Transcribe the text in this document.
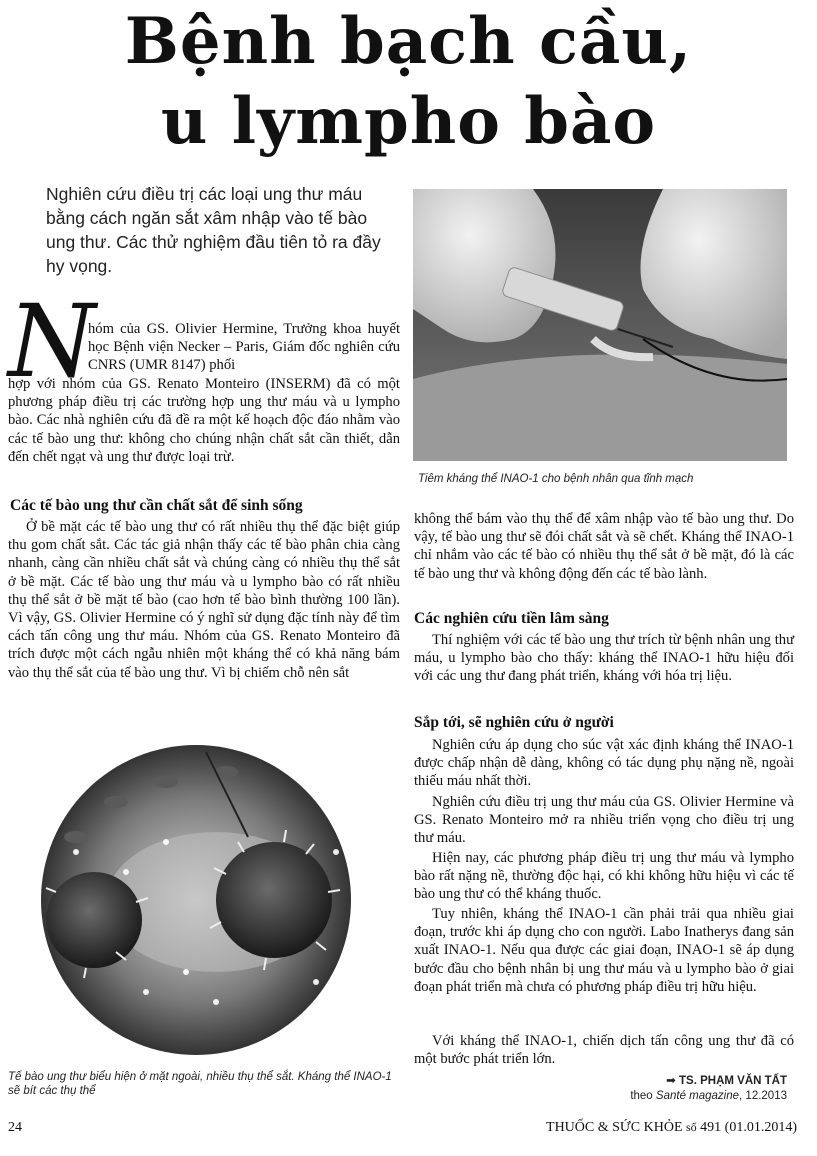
Bệnh bạch cầu,
u lympho bào

Nghiên cứu điều trị các loại ung thư máu bằng cách ngăn sắt xâm nhập vào tế bào ung thư. Các thử nghiệm đầu tiên tỏ ra đầy hy vọng.

Tiêm kháng thể INAO-1 cho bệnh nhân qua tĩnh mạch

N

hóm của GS. Olivier Hermine, Trưởng khoa huyết học Bệnh viện Necker – Paris, Giám đốc nghiên cứu CNRS (UMR 8147) phối

hợp với nhóm của GS. Renato Monteiro (INSERM) đã có một phương pháp điều trị các trường hợp ung thư máu và u lympho bào. Các nhà nghiên cứu đã đề ra một kế hoạch độc đáo nhằm vào các tế bào ung thư: không cho chúng nhận chất sắt cần thiết, dẫn đến chết ngạt và ung thư được loại trừ.

Các tế bào ung thư cần chất sắt để sinh sống

Ở bề mặt các tế bào ung thư có rất nhiều thụ thể đặc biệt giúp thu gom chất sắt. Các tác giả nhận thấy các tế bào phân chia càng nhanh, càng cần nhiều chất sắt và chúng càng có nhiều thụ thể sắt ở bề mặt. Các tế bào ung thư máu và u lympho bào có rất nhiều thụ thể sắt ở bề mặt tế bào (cao hơn tế bào bình thường 100 lần). Vì vậy, GS. Olivier Hermine có ý nghĩ sử dụng đặc tính này để tìm cách tấn công ung thư máu. Nhóm của GS. Renato Monteiro đã trích được một cách ngẫu nhiên một kháng thể có khả năng bám vào thụ thể sắt của tế bào ung thư. Vì bị chiếm chỗ nên sắt

Tế bào ung thư biểu hiện ở mặt ngoài, nhiều thụ thể sắt. Kháng thể INAO-1 sẽ bít các thụ thể

không thể bám vào thụ thể để xâm nhập vào tế bào ung thư. Do vậy, tế bào ung thư sẽ đói chất sắt và sẽ chết. Kháng thể INAO-1 chỉ nhắm vào các tế bào có nhiều thụ thể sắt ở bề mặt, đó là các tế bào ung thư và không động đến các tế bào lành.

Các nghiên cứu tiền lâm sàng

Thí nghiệm với các tế bào ung thư trích từ bệnh nhân ung thư máu, u lympho bào cho thấy: kháng thể INAO-1 hữu hiệu đối với các ung thư đang phát triển, kháng với hóa trị liệu.

Sắp tới, sẽ nghiên cứu ở người

Nghiên cứu áp dụng cho súc vật xác định kháng thể INAO-1 được chấp nhận dễ dàng, không có tác dụng phụ nặng nề, ngoài thiếu máu nhất thời.

Nghiên cứu điều trị ung thư máu của GS. Olivier Hermine và GS. Renato Monteiro mở ra nhiều triển vọng cho điều trị ung thư máu.

Hiện nay, các phương pháp điều trị ung thư máu và lympho bào rất nặng nề, thường độc hại, có khi không hữu hiệu vì các tế bào ung thư có thể kháng thuốc.

Tuy nhiên, kháng thể INAO-1 cần phải trải qua nhiều giai đoạn, trước khi áp dụng cho con người. Labo Inatherys đang sản xuất INAO-1. Nếu qua được các giai đoạn, INAO-1 sẽ áp dụng bước đầu cho bệnh nhân bị ung thư máu và u lympho bào ở giai đoạn phát triển mà chưa có phương pháp điều trị hữu hiệu.

Với kháng thể INAO-1, chiến dịch tấn công ung thư đã có một bước phát triển lớn.

➡ TS. PHẠM VĂN TẤT
theo Santé magazine, 12.2013
24	THUỐC & SỨC KHỎE số 491 (01.01.2014)
